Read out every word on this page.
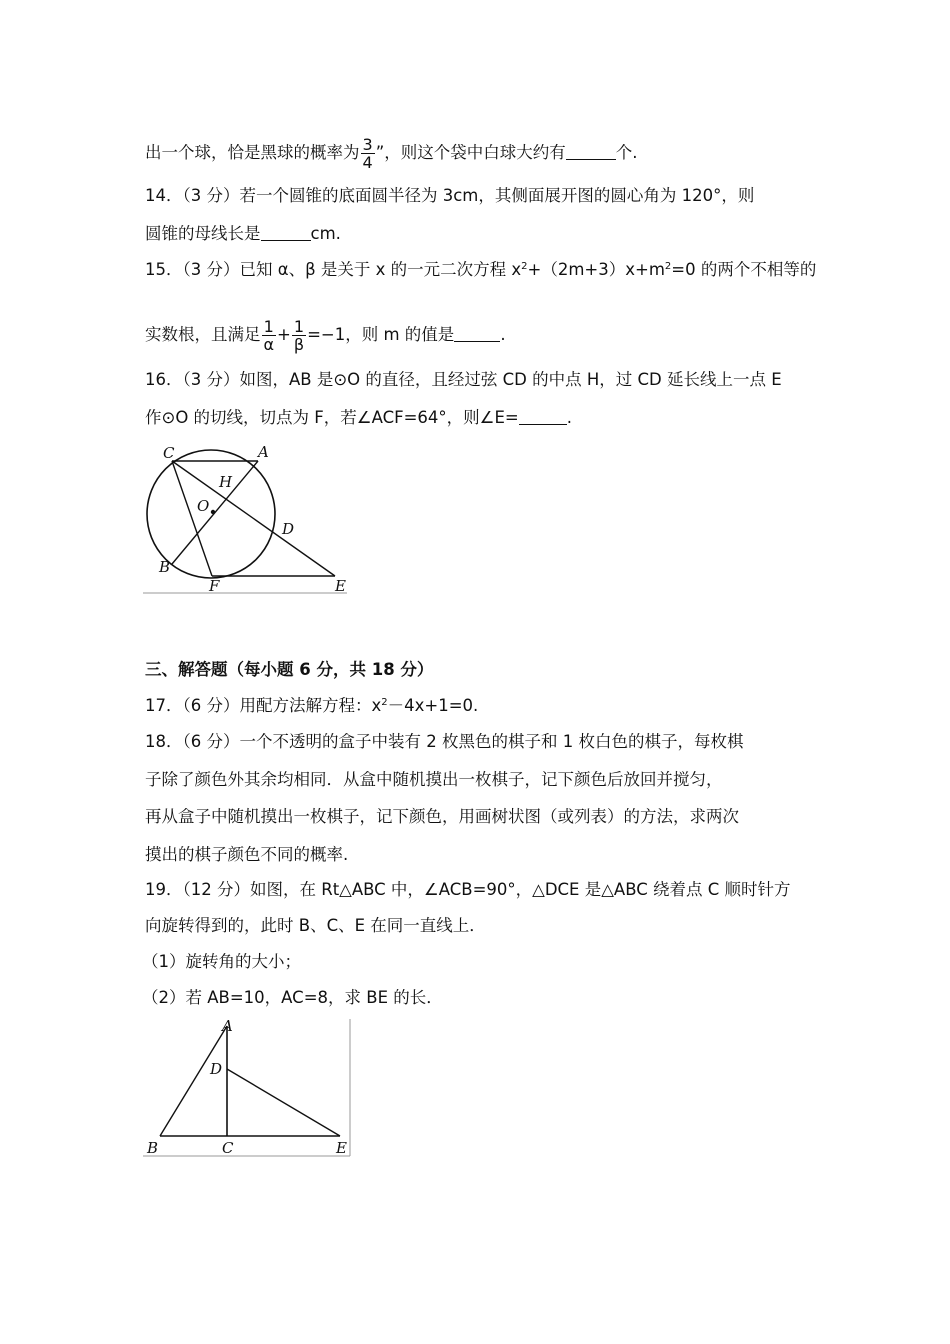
出一个球，恰是黑球的概率为 $\frac{3}{4}$ ”，则这个袋中白球大约有	个.
14．（3 分）若一个圆锥的底面圆半径为 3cm，其侧面展开图的圆心角为 120°，则
圆锥的母线长是	cm.
15．（3 分）已知 α、β 是关于 x 的一元二次方程 $x^2+(2m+3)x+m^2=0$ 的两个不相等的
实数根，且满足 $\frac{1}{\alpha} + \frac{1}{\beta} =-1$，则 m 的值是	.
16．（3 分）如图，AB 是⊙O 的直径，且经过弦 CD 的中点 H，过 CD 延长线上一点 E
作⊙O 的切线，切点为 F，若∠ACF=64°，则∠E=	.
C	A
H
O
D
B
F	E
三、解答题（每小题 6 分，共 18 分）
17．（6 分）用配方法解方程：$x^2-4x+1=0$.
18．（6 分）一个不透明的盒子中装有 2 枚黑色的棋子和 1 枚白色的棋子，每枚棋
子除了颜色外其余均相同．从盒中随机摸出一枚棋子，记下颜色后放回并搅匀，
再从盒子中随机摸出一枚棋子，记下颜色，用画树状图（或列表）的方法，求两次
摸出的棋子颜色不同的概率.
19．（12 分）如图，在 Rt△ABC 中，∠ACB=90°，△DCE 是△ABC 绕着点 C 顺时针方
向旋转得到的，此时 B、C、E 在同一直线上．
（1）旋转角的大小；
（2）若 AB=10，AC=8，求 BE 的长．
A
D
B	C	E
